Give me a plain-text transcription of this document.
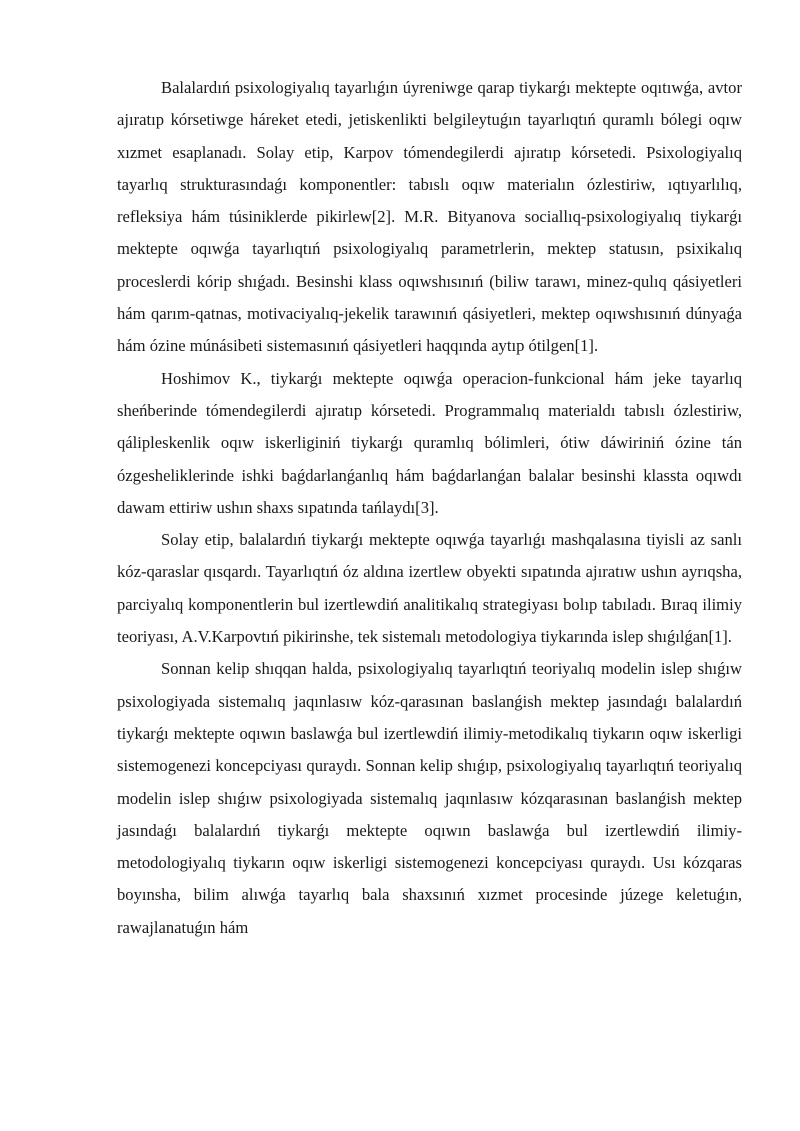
Balalardıń psixologiyalıq tayarlıǵın úyreniwge qarap tiykarǵı mektepte oqıtıwǵa, avtor ajıratıp kórsetiwge háreket etedi, jetiskenlikti belgileytuǵın tayarlıqtıń quramlı bólegi oqıw xızmet esaplanadı. Solay etip, Karpov tómendegilerdi ajıratıp kórsetedi. Psixologiyalıq tayarlıq strukturasındaǵı komponentler: tabıslı oqıw materialın ózlestiriw, ıqtıyarlılıq, refleksiya hám túsiniklerde pikirlew[2]. M.R. Bityanova sociallıq-psixologiyalıq tiykarǵı mektepte oqıwǵa tayarlıqtıń psixologiyalıq parametrlerin, mektep statusın, psixikalıq proceslerdi kórip shıǵadı. Besinshi klass oqıwshısınıń (biliw tarawı, minez-qulıq qásiyetleri hám qarım-qatnas, motivaciyalıq-jekelik tarawınıń qásiyetleri, mektep oqıwshısınıń dúnyaǵa hám ózine múnásibeti sistemasınıń qásiyetleri haqqında aytıp ótilgen[1].

Hoshimov K., tiykarǵı mektepte oqıwǵa operacion-funkcional hám jeke tayarlıq sheńberinde tómendegilerdi ajıratıp kórsetedi. Programmalıq materialdı tabıslı ózlestiriw, qálipleskenlik oqıw iskerliginiń tiykarǵı quramlıq bólimleri, ótiw dáwiriniń ózine tán ózgesheliklerinde ishki baǵdarlanǵanlıq hám baǵdarlanǵan balalar besinshi klassta oqıwdı dawam ettiriw ushın shaxs sıpatında tańlaydı[3].

Solay etip, balalardıń tiykarǵı mektepte oqıwǵa tayarlıǵı mashqalasına tiyisli az sanlı kóz-qaraslar qısqardı. Tayarlıqtıń óz aldına izertlew obyekti sıpatında ajıratıw ushın ayrıqsha, parciyalıq komponentlerin bul izertlewdiń analitikalıq strategiyası bolıp tabıladı. Bıraq ilimiy teoriyası, A.V.Karpovtıń pikirinshe, tek sistemalı metodologiya tiykarında islep shıǵılǵan[1].

Sonnan kelip shıqqan halda, psixologiyalıq tayarlıqtıń teoriyalıq modelin islep shıǵıw psixologiyada sistemalıq jaqınlasıw kóz-qarasınan baslanǵish mektep jasındaǵı balalardıń tiykarǵı mektepte oqıwın baslawǵa bul izertlewdiń ilimiy-metodikalıq tiykarın oqıw iskerligi sistemogenezi koncepciyası quraydı. Sonnan kelip shıǵıp, psixologiyalıq tayarlıqtıń teoriyalıq modelin islep shıǵıw psixologiyada sistemalıq jaqınlasıw kózqarasınan baslanǵish mektep jasındaǵı balalardıń tiykarǵı mektepte oqıwın baslawǵa bul izertlewdiń ilimiy-metodologiyalıq tiykarın oqıw iskerligi sistemogenezi koncepciyası quraydı. Usı kózqaras boyınsha, bilim alıwǵa tayarlıq bala shaxsınıń xızmet procesinde júzege keletuǵın, rawajlanatuǵın hám
